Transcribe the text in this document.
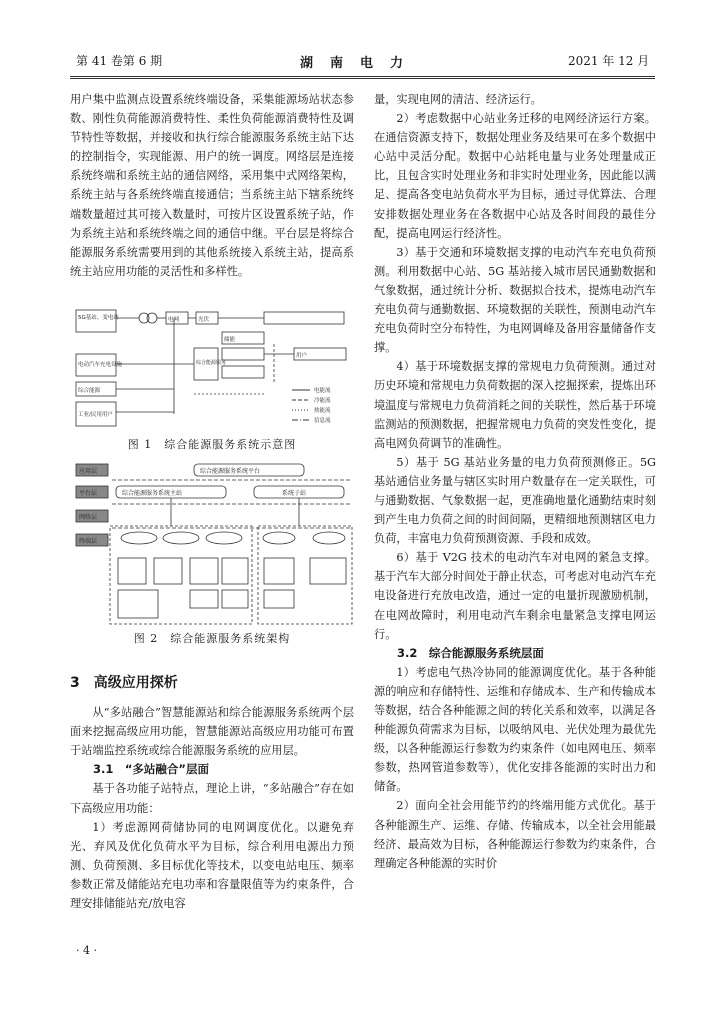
第 41 卷第 6 期	湖　南　电　力	2021 年 12 月

用户集中监测点设置系统终端设备，采集能源场站状态参数、刚性负荷能源消费特性、柔性负荷能源消费特性及调节特性等数据，并接收和执行综合能源服务系统主站下达的控制指令，实现能源、用户的统一调度。网络层是连接系统终端和系统主站的通信网络，采用集中式网络架构，系统主站与各系统终端直接通信；当系统主站下辖系统终端数量超过其可接入数量时，可按片区设置系统子站，作为系统主站和系统终端之间的通信中继。平台层是将综合能源服务系统需要用到的其他系统接入系统主站，提高系统主站应用功能的灵活性和多样性。

5G基站、变电站
电动汽车充电设施
综合能源
工业/民用用户
电网	光伏
储能
用户
综合能源服务
电能流
冷能流
热能流
信息流
图 1　综合能源服务系统示意图
应用层
平台层
网络层
终端层
综合能源服务系统平台
综合能源服务系统主站	系统子站
图 2　综合能源服务系统架构
3　高级应用探析

从“多站融合”智慧能源站和综合能源服务系统两个层面来挖掘高级应用功能，智慧能源站高级应用功能可布置于站端监控系统或综合能源服务系统的应用层。

3.1　“多站融合”层面

基于各功能子站特点，理论上讲，“多站融合”存在如下高级应用功能：

1）考虑源网荷储协同的电网调度优化。以避免弃光、弃风及优化负荷水平为目标，综合利用电源出力预测、负荷预测、多目标优化等技术，以变电站电压、频率参数正常及储能站充电功率和容量限值等为约束条件，合理安排储能站充/放电容

量，实现电网的清洁、经济运行。

2）考虑数据中心站业务迁移的电网经济运行方案。在通信资源支持下，数据处理业务及结果可在多个数据中心站中灵活分配。数据中心站耗电量与业务处理量成正比，且包含实时处理业务和非实时处理业务，因此能以满足、提高各变电站负荷水平为目标，通过寻优算法、合理安排数据处理业务在各数据中心站及各时间段的最佳分配，提高电网运行经济性。

3）基于交通和环境数据支撑的电动汽车充电负荷预测。利用数据中心站、5G 基站接入城市居民通勤数据和气象数据，通过统计分析、数据拟合技术，提炼电动汽车充电负荷与通勤数据、环境数据的关联性，预测电动汽车充电负荷时空分布特性，为电网调峰及备用容量储备作支撑。

4）基于环境数据支撑的常规电力负荷预测。通过对历史环境和常规电力负荷数据的深入挖掘探索，提炼出环境温度与常规电力负荷消耗之间的关联性，然后基于环境监测站的预测数据，把握常规电力负荷的突发性变化，提高电网负荷调节的准确性。

5）基于 5G 基站业务量的电力负荷预测修正。5G 基站通信业务量与辖区实时用户数量存在一定关联性，可与通勤数据、气象数据一起，更准确地量化通勤结束时刻到产生电力负荷之间的时间间隔，更精细地预测辖区电力负荷，丰富电力负荷预测资源、手段和成效。

6）基于 V2G 技术的电动汽车对电网的紧急支撑。基于汽车大部分时间处于静止状态，可考虑对电动汽车充电设备进行充放电改造，通过一定的电量折现激励机制，在电网故障时，利用电动汽车剩余电量紧急支撑电网运行。

3.2　综合能源服务系统层面

1）考虑电气热冷协同的能源调度优化。基于各种能源的响应和存储特性、运维和存储成本、生产和传输成本等数据，结合各种能源之间的转化关系和效率，以满足各种能源负荷需求为目标，以吸纳风电、光伏处理为最优先级，以各种能源运行参数为约束条件（如电网电压、频率参数，热网管道参数等），优化安排各能源的实时出力和储备。

2）面向全社会用能节约的终端用能方式优化。基于各种能源生产、运维、存储、传输成本，以全社会用能最经济、最高效为目标，各种能源运行参数为约束条件，合理确定各种能源的实时价

· 4 ·
